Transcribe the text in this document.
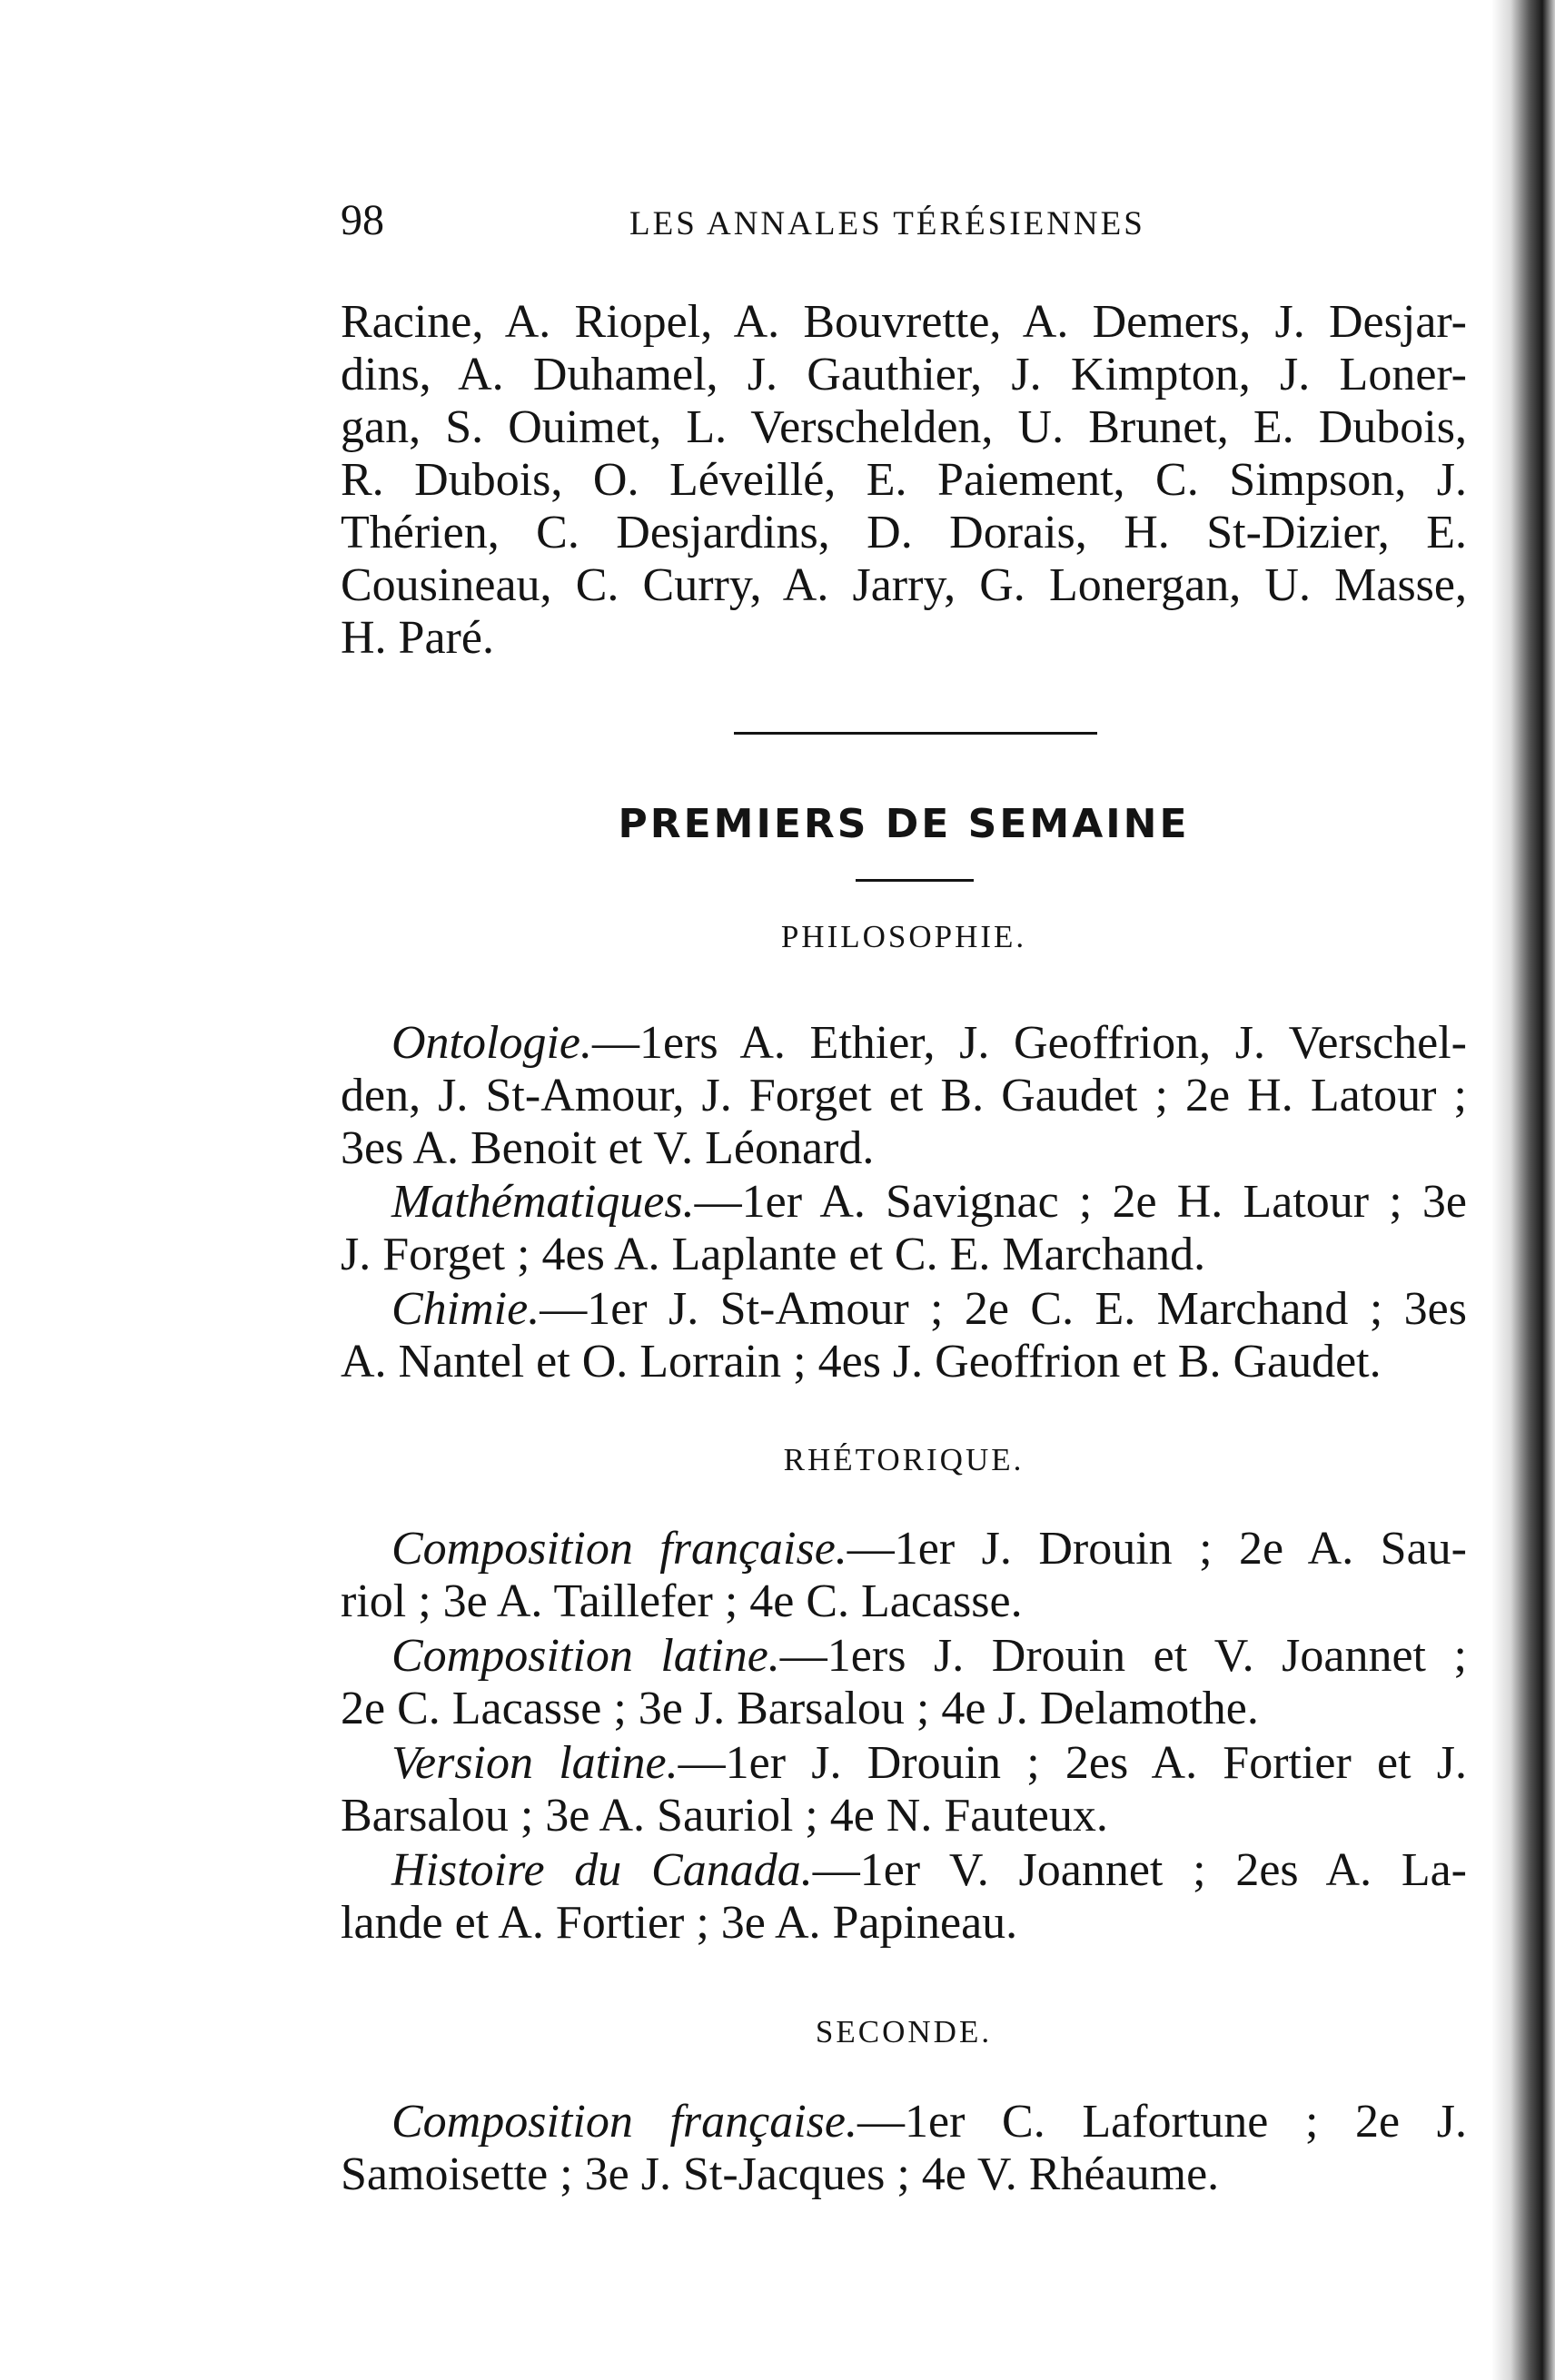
98	LES ANNALES TÉRÉSIENNES
Racine, A. Riopel, A. Bouvrette, A. Demers, J. Desjar-
dins, A. Duhamel, J. Gauthier, J. Kimpton, J. Loner-
gan, S. Ouimet, L. Verschelden, U. Brunet, E. Dubois,
R. Dubois, O. Léveillé, E. Paiement, C. Simpson, J.
Thérien, C. Desjardins, D. Dorais, H. St-Dizier, E.
Cousineau, C. Curry, A. Jarry, G. Lonergan, U. Masse,
H. Paré.
PREMIERS DE SEMAINE
PHILOSOPHIE.
Ontologie.—1ers A. Ethier, J. Geoffrion, J. Verschel-
den, J. St-Amour, J. Forget et B. Gaudet ; 2e H. Latour ;
3es A. Benoit et V. Léonard.
Mathématiques.—1er A. Savignac ; 2e H. Latour ; 3e
J. Forget ; 4es A. Laplante et C. E. Marchand.
Chimie.—1er J. St-Amour ; 2e C. E. Marchand ; 3es
A. Nantel et O. Lorrain ; 4es J. Geoffrion et B. Gaudet.
RHÉTORIQUE.
Composition française.—1er J. Drouin ; 2e A. Sau-
riol ; 3e A. Taillefer ; 4e C. Lacasse.
Composition latine.—1ers J. Drouin et V. Joannet ;
2e C. Lacasse ; 3e J. Barsalou ; 4e J. Delamothe.
Version latine.—1er J. Drouin ; 2es A. Fortier et J.
Barsalou ; 3e A. Sauriol ; 4e N. Fauteux.
Histoire du Canada.—1er V. Joannet ; 2es A. La-
lande et A. Fortier ; 3e A. Papineau.
SECONDE.
Composition française.—1er C. Lafortune ; 2e J.
Samoisette ; 3e J. St-Jacques ; 4e V. Rhéaume.
